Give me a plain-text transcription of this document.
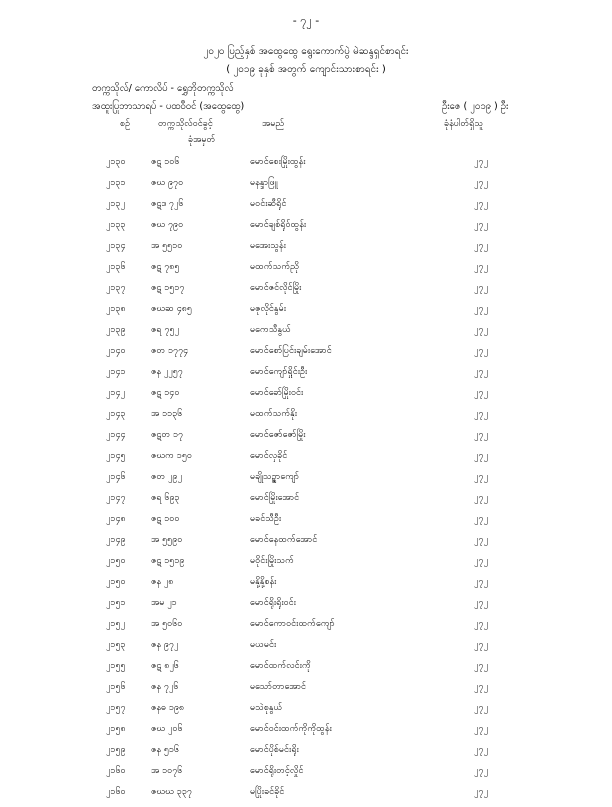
- ၇၂ -
၂၀၂၀ ပြည့်နှစ် အထွေထွေ ရွေးကောက်ပွဲ မဲဆန္ဒရှင်စာရင်း
( ၂၀၁၉ ခုနှစ် အတွက် ကျောင်းသားစာရင်း )
တက္ကသိုလ်/ ကောလိပ် - ရွှေဘိုတက္ကသိုလ်
အထူးပြုဘာသာရပ် - ပထဝီဝင် (အထွေထွေ)	ဦးဇေ ( ၂၀၁၉ ) ဦး
စဉ်	တက္ကသိုလ်ဝင်ခွင့်
ခုံအမှတ်
အမည်	ခုံနံပါတ်ရှိသူ
၂၁၃၀	ဇဋ ၁၀၆	မောင်စေးမြိုးထွန်း	၂၇၂
၂၁၃၁	ဇဃ ၉၇၀	မနန္ဒာဖြူ	၂၇၂
၂၁၃၂	ဇဋဒ ၇၂၆	မဝင်းဆီရိုင်	၂၇၂
၂၁၃၃	ဇဃ ၇၉၀	မောင်ချစ်ရိုဝ်ထွန်း	၂၇၂
၂၁၃၄	အ ၅၅၁၀	မအေးသွန်း	၂၇၂
၂၁၃၆	ဇဋ ၇၈၅	မထက်သက်ညို	၂၇၂
၂၁၃၇	ဇဋ ၁၅၁၇	မောင်ဇင်လိုင်မြိုး	၂၇၂
၂၁၃၈	ဇဃဆ ၄၈၅	မဇုလိုင်နွမ်း	၂၇၂
၂၁၃၉	ဇရ ၇၅၂	မကေသီနွယ်	၂၇၂
၂၁၄၀	ဇတ ၁၇၇၄	မောင်စော်ပြင်းချမ်းအောင်	၂၇၂
၂၁၄၁	ဇန ၂၂၅၇	မောင်ကျော်ရှိုင်းဦး	၂၇၂
၂၁၄၂	ဇဋ ၁၄၀	မောင်ခော်မြိုးဝင်း	၂၇၂
၂၁၄၃	အ ၁၁၃၆	မထက်သက်နိုး	၂၇၂
၂၁၄၄	ဇဋတ ၁၇	မောင်ဇော်ဇော်မြိုး	၂၇၂
၂၁၄၅	ဇဃက ၁၅၀	မောင်လှခိုင်	၂၇၂
၂၁၄၆	ဇတ ၂၉၂	မချိုသဉ္ဇာကျော်	၂၇၂
၂၁၄၇	ဇရ ၆၉၃	မောင်မြိုးအောင်	၂၇၂
၂၁၄၈	ဇဋ ၁၀၀	မခင်သီဦး	၂၇၂
၂၁၄၉	အ ၅၅၉၀	မောင်နေထက်အောင်	၂၇၂
၂၁၅၀	ဇဋ ၁၅၁၉	မဝိုင်းမြိုးသက်	၂၇၂
၂၁၅၀	ဇန ၂၈	မနို့နို့စန်း	၂၇၂
၂၁၅၁	အမ ၂၁	မောင်ရိုးရိုးဝင်း	၂၇၂
၂၁၅၂	အ ၅၀၆၀	မောင်ကောဝင်းထက်ကျော်	၂၇၂
၂၁၅၃	ဇန ၉၇၂	မယမင်း	၂၇၂
၂၁၅၅	ဇဋ ၈၂၆	မောင်ထက်လင်းကို	၂၇၂
၂၁၅၆	ဇန ၇၂၆	မသော်တာအောင်	၂၇၂
၂၁၅၇	ဇနဓ ၁၉၈	မသဲစုနွယ်	၂၇၂
၂၁၅၈	ဇဃ ၂၀၆	မောင်ဝင်းထက်ကိုကိုထွန်း	၂၇၂
၂၁၅၉	ဇန ၅၁၆	မောင်ပိုစ်မင်းရိုး	၂၇၂
၂၁၆၀	အ ၁၀၇၆	မောင်ရိုးတင့်လှိုင်	၂၇၂
၂၁၆၀	ဇဃဃ ၃၃၇	မပြိုးခင်ခိုင်	၂၇၂
